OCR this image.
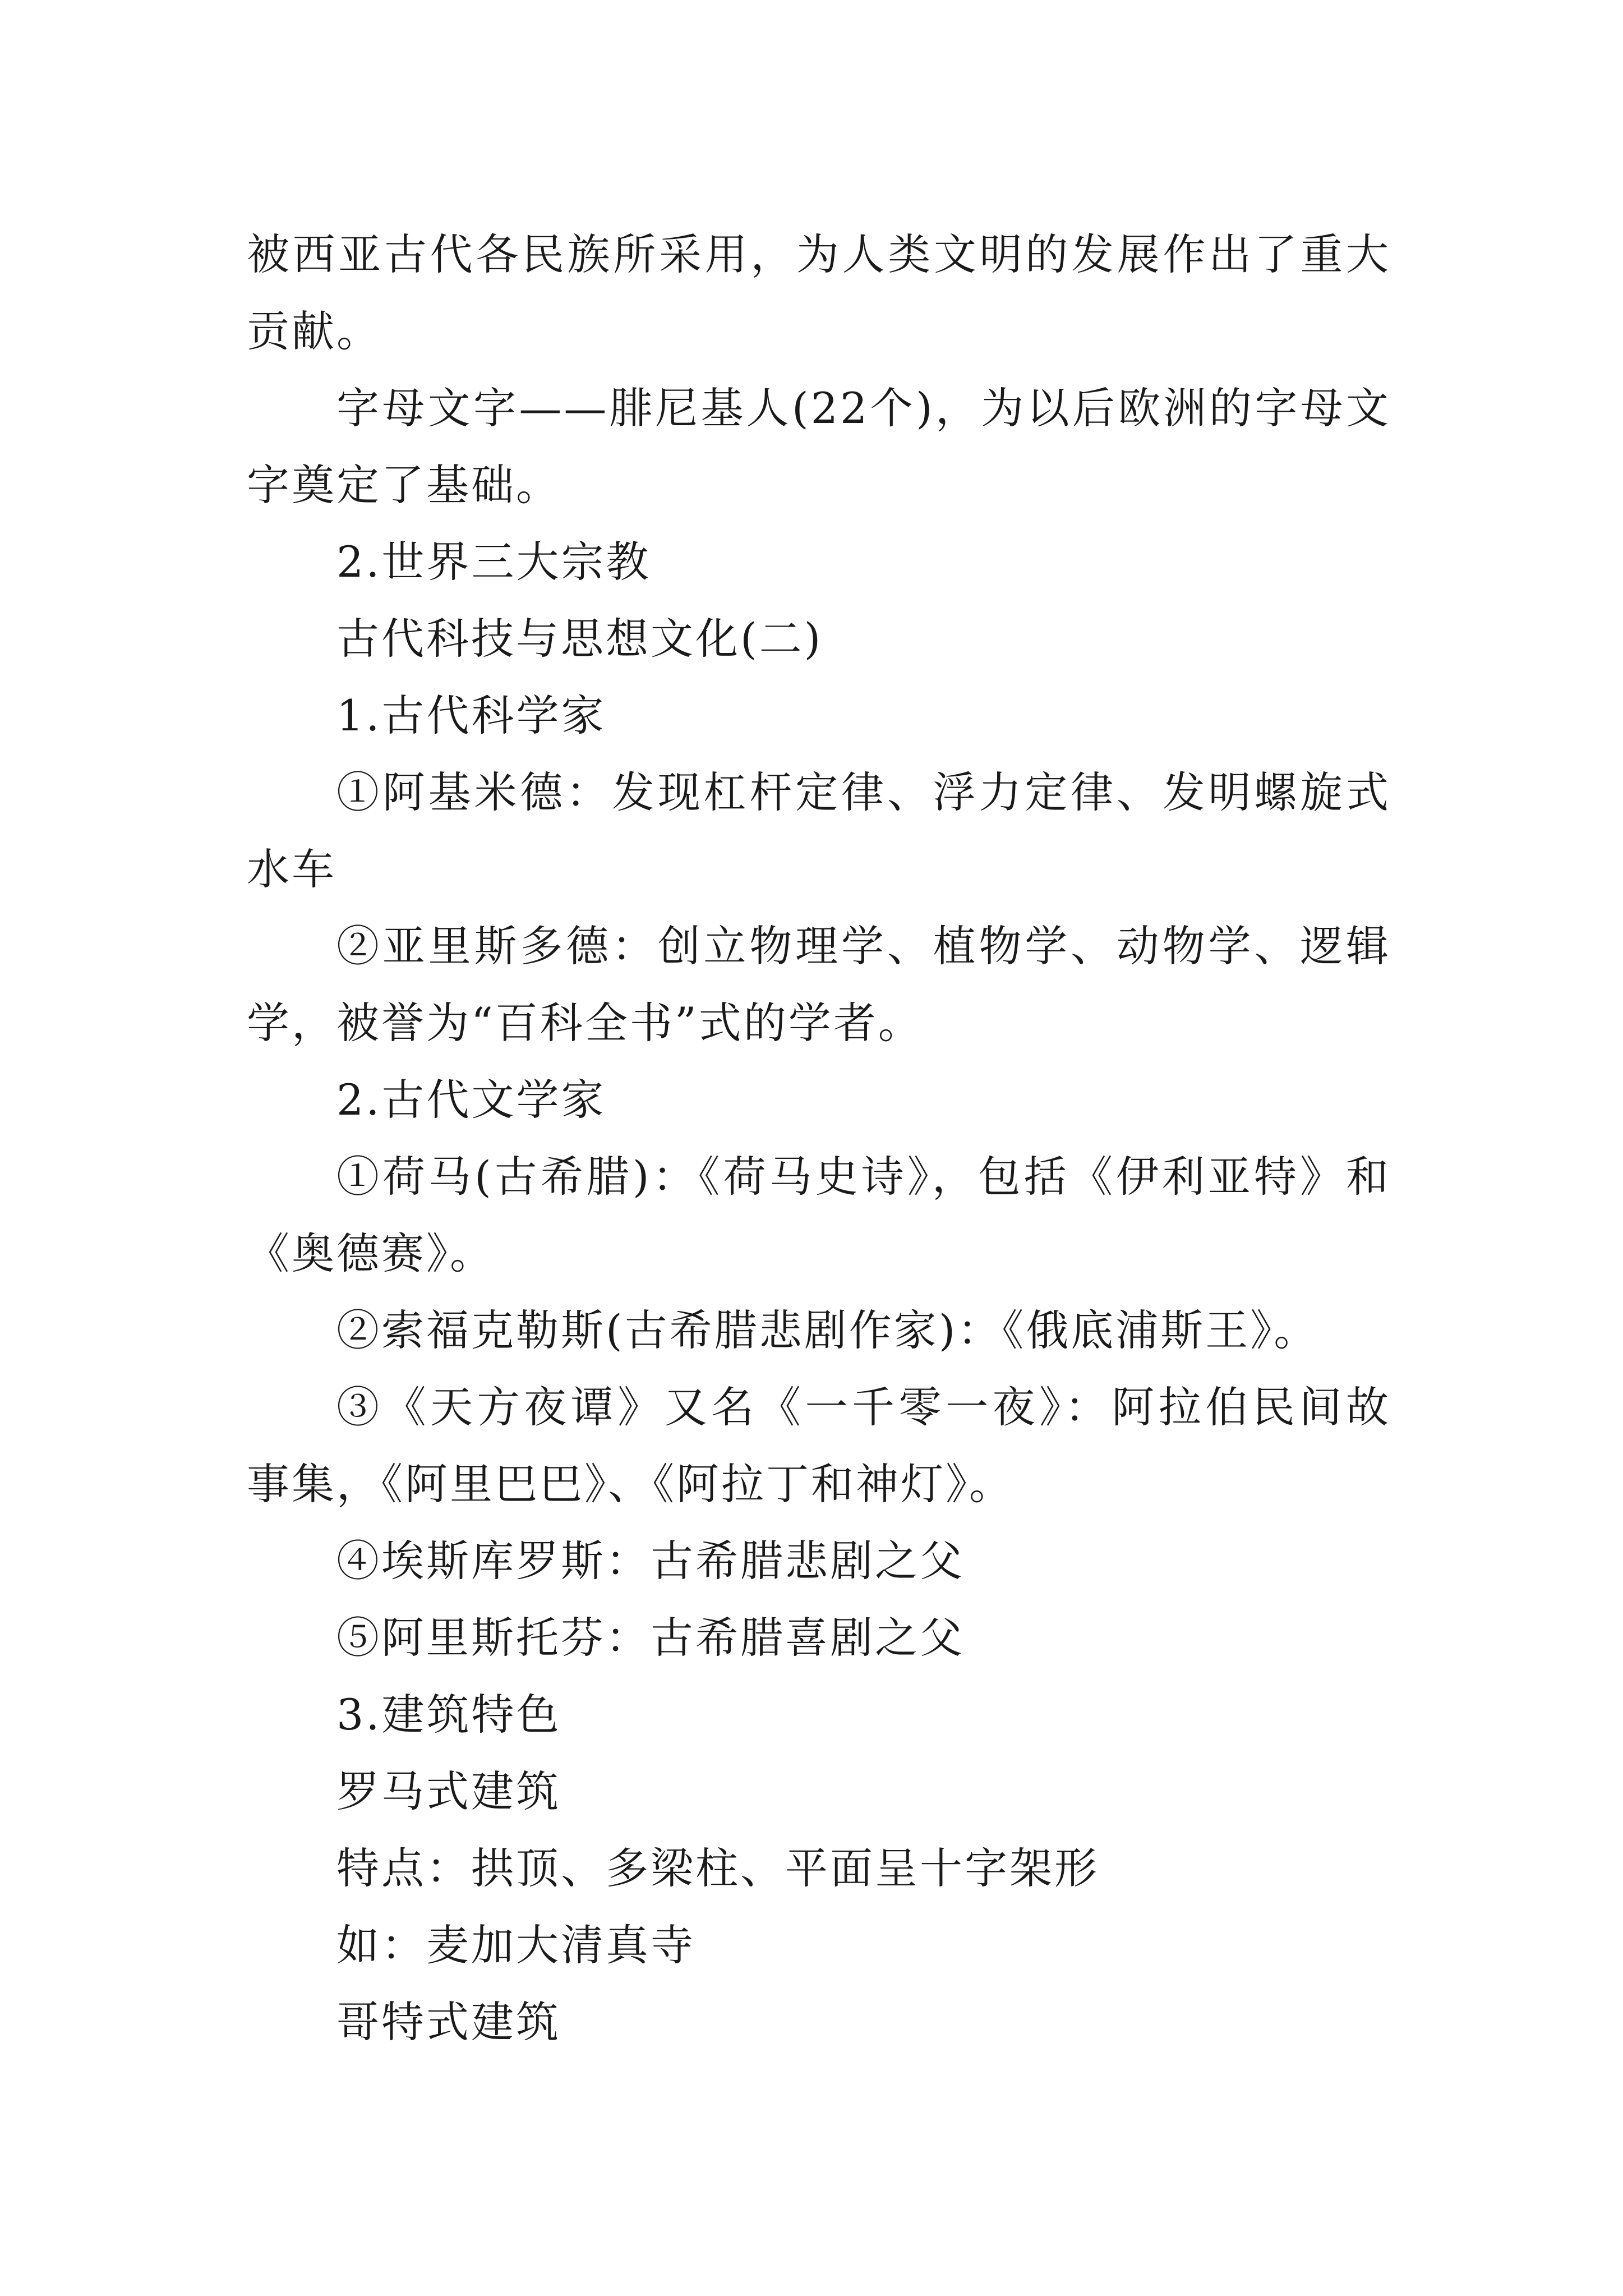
被西亚古代各民族所采用，为人类文明的发展作出了重大贡献。

字母文字——腓尼基人(22个)，为以后欧洲的字母文字奠定了基础。

2.世界三大宗教

古代科技与思想文化(二)

1.古代科学家

①阿基米德：发现杠杆定律、浮力定律、发明螺旋式水车

②亚里斯多德：创立物理学、植物学、动物学、逻辑学，被誉为“百科全书”式的学者。

2.古代文学家

①荷马(古希腊)：《荷马史诗》，包括《伊利亚特》和《奥德赛》。

②索福克勒斯(古希腊悲剧作家)：《俄底浦斯王》。

③《天方夜谭》又名《一千零一夜》：阿拉伯民间故事集，《阿里巴巴》、《阿拉丁和神灯》。

④埃斯库罗斯：古希腊悲剧之父

⑤阿里斯托芬：古希腊喜剧之父

3.建筑特色

罗马式建筑

特点：拱顶、多梁柱、平面呈十字架形

如：麦加大清真寺

哥特式建筑
